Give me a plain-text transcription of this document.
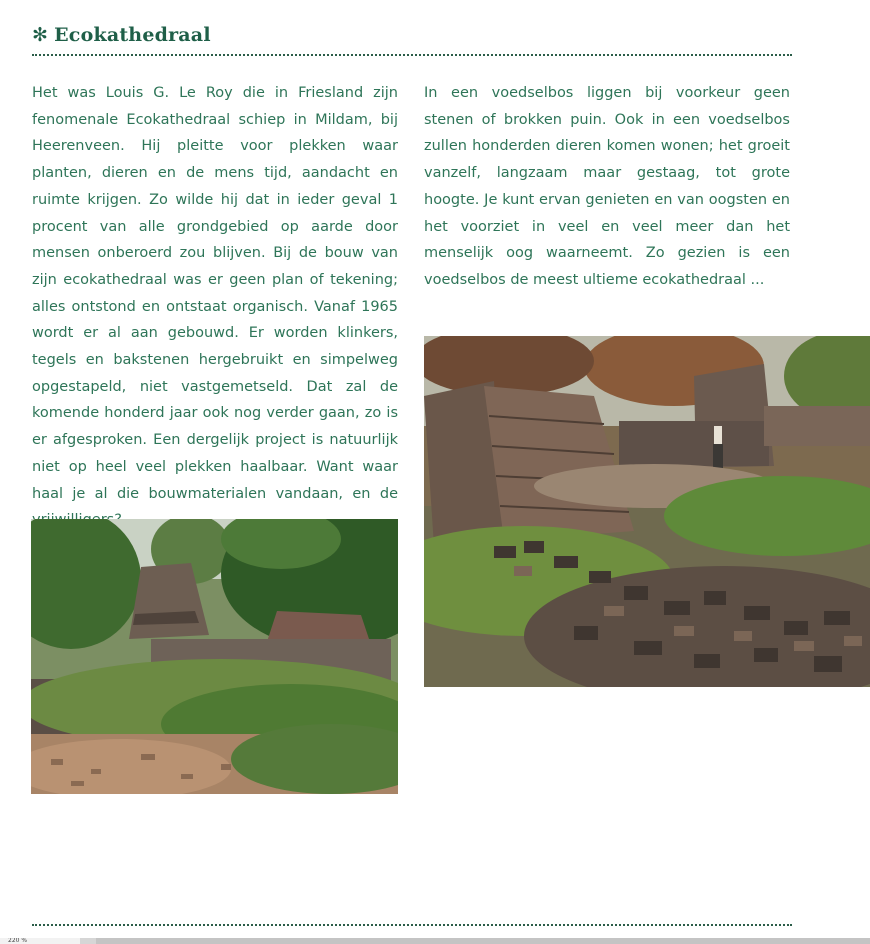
✻ Ecokathedraal
Het was Louis G. Le Roy die in Friesland zijn fenomenale Ecokathedraal schiep in Mildam, bij Heerenveen. Hij pleitte voor plekken waar planten, dieren en de mens tijd, aandacht en ruimte krijgen. Zo wilde hij dat in ieder geval 1 procent van alle grondgebied op aarde door mensen onberoerd zou blijven. Bij de bouw van zijn ecokathedraal was er geen plan of tekening; alles ontstond en ontstaat organisch. Vanaf 1965 wordt er al aan gebouwd. Er worden klinkers, tegels en bakstenen hergebruikt en simpelweg opgestapeld, niet vastgemetseld. Dat zal de komende honderd jaar ook nog verder gaan, zo is er afgesproken. Een dergelijk project is natuurlijk niet op heel veel plekken haalbaar. Want waar haal je al die bouwmaterialen vandaan, en de
In een voedselbos liggen bij voorkeur geen stenen of brokken puin. Ook in een voedselbos zullen honderden dieren komen wonen; het groeit vanzelf, langzaam maar gestaag, tot grote hoogte. Je kunt ervan genieten en van oogsten en het voorziet in veel en veel meer dan het menselijk oog waarneemt. Zo gezien is een voedselbos de meest ultieme ecokathedraal ...
220 %
